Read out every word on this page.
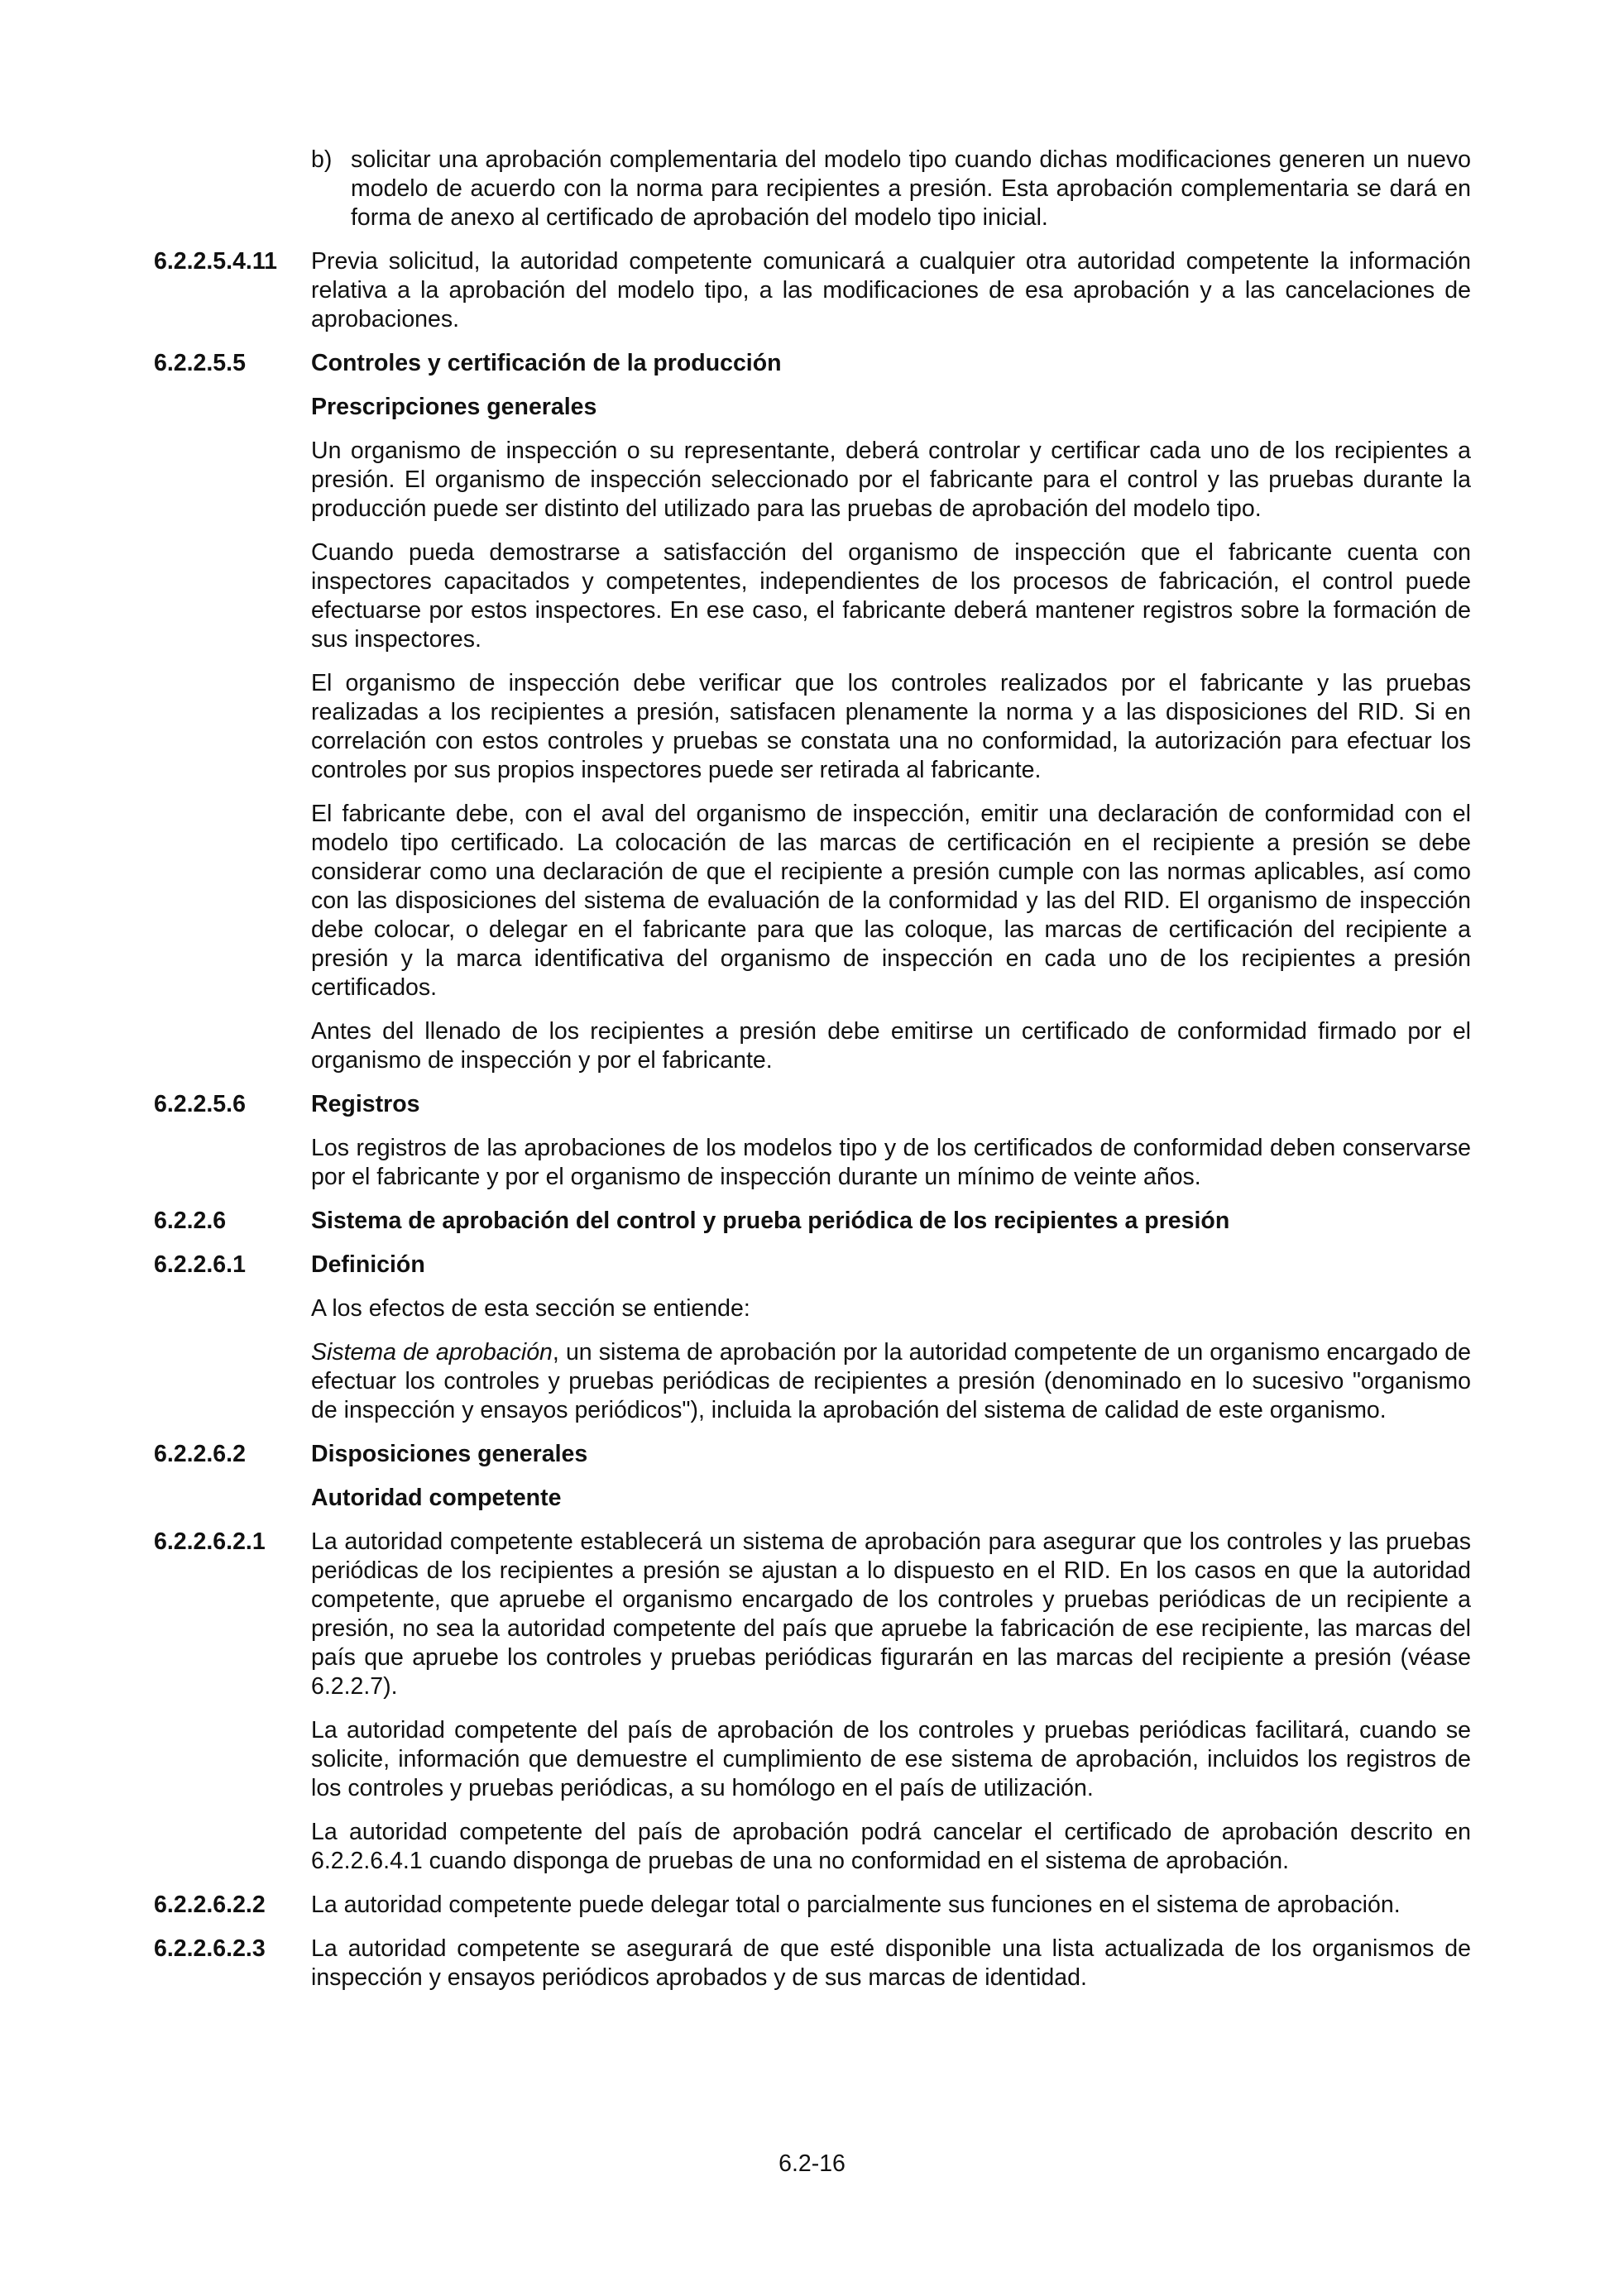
b) solicitar una aprobación complementaria del modelo tipo cuando dichas modificaciones generen un nuevo modelo de acuerdo con la norma para recipientes a presión. Esta aprobación complementaria se dará en forma de anexo al certificado de aprobación del modelo tipo inicial.
6.2.2.5.4.11	Previa solicitud, la autoridad competente comunicará a cualquier otra autoridad competente la información relativa a la aprobación del modelo tipo, a las modificaciones de esa aprobación y a las cancelaciones de aprobaciones.
6.2.2.5.5	Controles y certificación de la producción
Prescripciones generales
Un organismo de inspección o su representante, deberá controlar y certificar cada uno de los recipientes a presión. El organismo de inspección seleccionado por el fabricante para el control y las pruebas durante la producción puede ser distinto del utilizado para las pruebas de aprobación del modelo tipo.
Cuando pueda demostrarse a satisfacción del organismo de inspección que el fabricante cuenta con inspectores capacitados y competentes, independientes de los procesos de fabricación, el control puede efectuarse por estos inspectores. En ese caso, el fabricante deberá mantener registros sobre la formación de sus inspectores.
El organismo de inspección debe verificar que los controles realizados por el fabricante y las pruebas realizadas a los recipientes a presión, satisfacen plenamente la norma y a las disposiciones del RID. Si en correlación con estos controles y pruebas se constata una no conformidad, la autorización para efectuar los controles por sus propios inspectores puede ser retirada al fabricante.
El fabricante debe, con el aval del organismo de inspección, emitir una declaración de conformidad con el modelo tipo certificado. La colocación de las marcas de certificación en el recipiente a presión se debe considerar como una declaración de que el recipiente a presión cumple con las normas aplicables, así como con las disposiciones del sistema de evaluación de la conformidad y las del RID. El organismo de inspección debe colocar, o delegar en el fabricante para que las coloque, las marcas de certificación del recipiente a presión y la marca identificativa del organismo de inspección en cada uno de los recipientes a presión certificados.
Antes del llenado de los recipientes a presión debe emitirse un certificado de conformidad firmado por el organismo de inspección y por el fabricante.
6.2.2.5.6	Registros
Los registros de las aprobaciones de los modelos tipo y de los certificados de conformidad deben conservarse por el fabricante y por el organismo de inspección durante un mínimo de veinte años.
6.2.2.6	Sistema de aprobación del control y prueba periódica de los recipientes a presión
6.2.2.6.1	Definición
A los efectos de esta sección se entiende:
Sistema de aprobación, un sistema de aprobación por la autoridad competente de un organismo encargado de efectuar los controles y pruebas periódicas de recipientes a presión (denominado en lo sucesivo "organismo de inspección y ensayos periódicos"), incluida la aprobación del sistema de calidad de este organismo.
6.2.2.6.2	Disposiciones generales
Autoridad competente
6.2.2.6.2.1	La autoridad competente establecerá un sistema de aprobación para asegurar que los controles y las pruebas periódicas de los recipientes a presión se ajustan a lo dispuesto en el RID. En los casos en que la autoridad competente, que apruebe el organismo encargado de los controles y pruebas periódicas de un recipiente a presión, no sea la autoridad competente del país que apruebe la fabricación de ese recipiente, las marcas del país que apruebe los controles y pruebas periódicas figurarán en las marcas del recipiente a presión (véase 6.2.2.7).
La autoridad competente del país de aprobación de los controles y pruebas periódicas facilitará, cuando se solicite, información que demuestre el cumplimiento de ese sistema de aprobación, incluidos los registros de los controles y pruebas periódicas, a su homólogo en el país de utilización.
La autoridad competente del país de aprobación podrá cancelar el certificado de aprobación descrito en 6.2.2.6.4.1 cuando disponga de pruebas de una no conformidad en el sistema de aprobación.
6.2.2.6.2.2	La autoridad competente puede delegar total o parcialmente sus funciones en el sistema de aprobación.
6.2.2.6.2.3	La autoridad competente se asegurará de que esté disponible una lista actualizada de los organismos de inspección y ensayos periódicos aprobados y de sus marcas de identidad.
6.2-16
